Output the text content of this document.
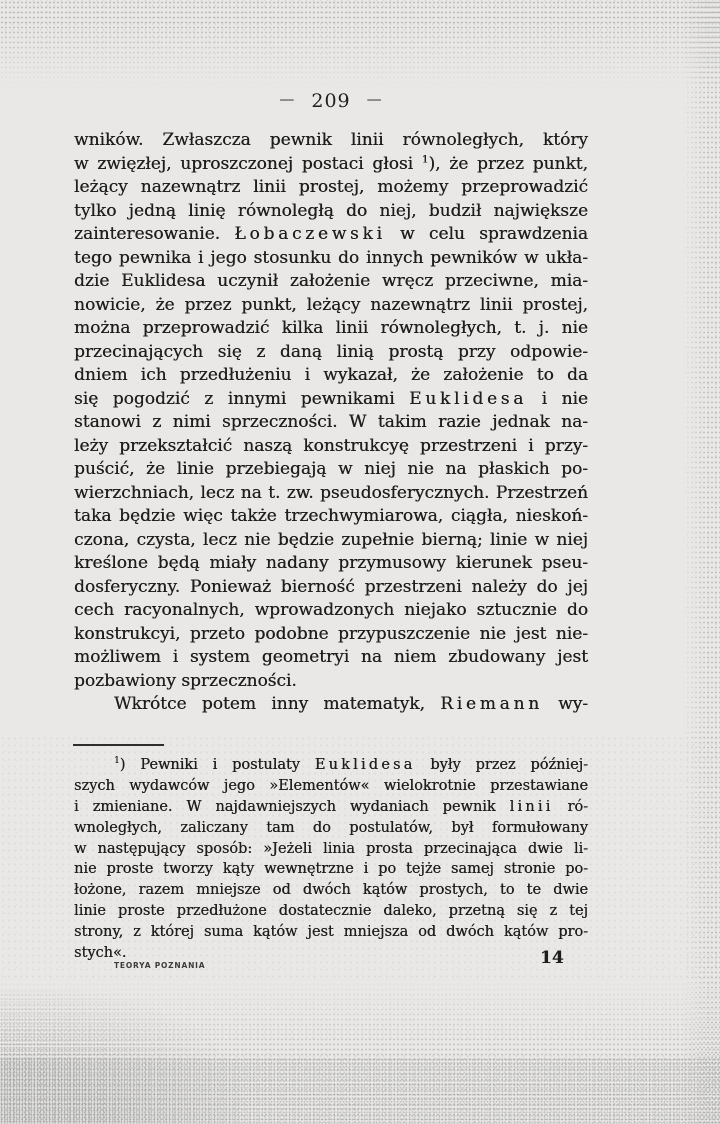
— 209 —
wników. Zwłaszcza pewnik linii równoległych, który
w zwięzłej, uproszczonej postaci głosi $^1$), że przez punkt,
leżący nazewnątrz linii prostej, możemy przeprowadzić
tylko jedną linię równoległą do niej, budził największe
zainteresowanie. Łobaczewski w celu sprawdzenia
tego pewnika i jego stosunku do innych pewników w ukła-
dzie Euklidesa uczynił założenie wręcz przeciwne, mia-
nowicie, że przez punkt, leżący nazewnątrz linii prostej,
można przeprowadzić kilka linii równoległych, t. j. nie
przecinających się z daną linią prostą przy odpowie-
dniem ich przedłużeniu i wykazał, że założenie to da
się pogodzić z innymi pewnikami Euklidesa i nie
stanowi z nimi sprzeczności. W takim razie jednak na-
leży przekształcić naszą konstrukcyę przestrzeni i przy-
puścić, że linie przebiegają w niej nie na płaskich po-
wierzchniach, lecz na t. zw. pseudosferycznych. Przestrzeń
taka będzie więc także trzechwymiarowa, ciągła, nieskoń-
czona, czysta, lecz nie będzie zupełnie bierną; linie w niej
kreślone będą miały nadany przymusowy kierunek pseu-
dosferyczny. Ponieważ bierność przestrzeni należy do jej
cech racyonalnych, wprowadzonych niejako sztucznie do
konstrukcyi, przeto podobne przypuszczenie nie jest nie-
możliwem i system geometryi na niem zbudowany jest
pozbawiony sprzeczności.
Wkrótce potem inny matematyk, Riemann wy-
$^1$) Pewniki i postulaty Euklidesa były przez później-
szych wydawców jego »Elementów« wielokrotnie przestawiane
i zmieniane. W najdawniejszych wydaniach pewnik linii ró-
wnoległych, zaliczany tam do postulatów, był formułowany
w następujący sposób: »Jeżeli linia prosta przecinająca dwie li-
nie proste tworzy kąty wewnętrzne i po tejże samej stronie po-
łożone, razem mniejsze od dwóch kątów prostych, to te dwie
linie proste przedłużone dostatecznie daleko, przetną się z tej
strony, z której suma kątów jest mniejsza od dwóch kątów pro-
stych«.
TEORYA POZNANIA	14
